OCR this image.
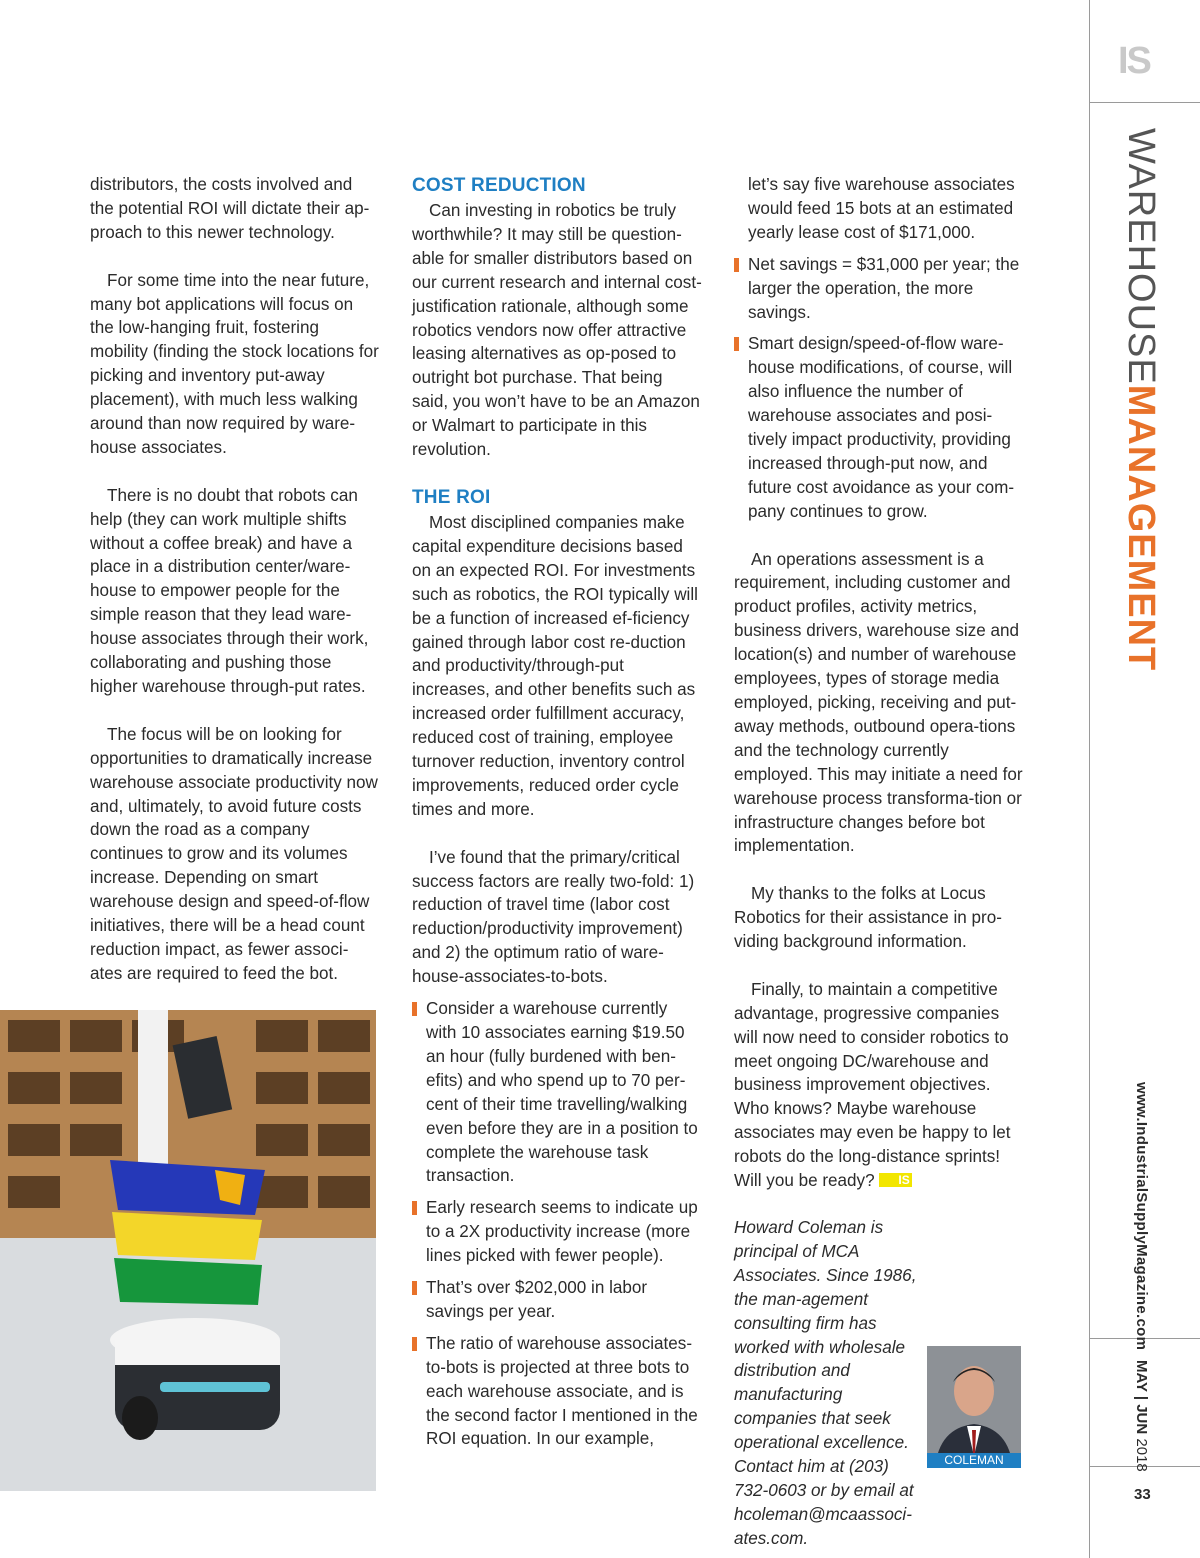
distributors, the costs involved and the potential ROI will dictate their ap-proach to this newer technology.

For some time into the near future, many bot applications will focus on the low-hanging fruit, fostering mobility (finding the stock locations for picking and inventory put-away placement), with much less walking around than now required by ware-house associates.

There is no doubt that robots can help (they can work multiple shifts without a coffee break) and have a place in a distribution center/ware-house to empower people for the simple reason that they lead ware-house associates through their work, collaborating and pushing those higher warehouse through-put rates.

The focus will be on looking for opportunities to dramatically increase warehouse associate productivity now and, ultimately, to avoid future costs down the road as a company continues to grow and its volumes increase. Depending on smart warehouse design and speed-of-flow initiatives, there will be a head count reduction impact, as fewer associ-ates are required to feed the bot.

COST REDUCTION

Can investing in robotics be truly worthwhile? It may still be question-able for smaller distributors based on our current research and internal cost-justification rationale, although some robotics vendors now offer attractive leasing alternatives as op-posed to outright bot purchase. That being said, you won’t have to be an Amazon or Walmart to participate in this revolution.

THE ROI

Most disciplined companies make capital expenditure decisions based on an expected ROI. For investments such as robotics, the ROI typically will be a function of increased ef-ficiency gained through labor cost re-duction and productivity/through-put increases, and other benefits such as increased order fulfillment accuracy, reduced cost of training, employee turnover reduction, inventory control improvements, reduced order cycle times and more.

I’ve found that the primary/critical success factors are really two-fold: 1) reduction of travel time (labor cost reduction/productivity improvement) and 2) the optimum ratio of ware-house-associates-to-bots.

Consider a warehouse currently with 10 associates earning $19.50 an hour (fully burdened with ben-efits) and who spend up to 70 per-cent of their time travelling/walking even before they are in a position to complete the warehouse task transaction.
Early research seems to indicate up to a 2X productivity increase (more lines picked with fewer people).
That’s over $202,000 in labor savings per year.
The ratio of warehouse associates-to-bots is projected at three bots to each warehouse associate, and is the second factor I mentioned in the ROI equation. In our example,

let’s say five warehouse associates would feed 15 bots at an estimated yearly lease cost of $171,000.

Net savings = $31,000 per year; the larger the operation, the more savings.
Smart design/speed-of-flow ware-house modifications, of course, will also influence the number of warehouse associates and posi-tively impact productivity, providing increased through-put now, and future cost avoidance as your com-pany continues to grow.

An operations assessment is a requirement, including customer and product profiles, activity metrics, business drivers, warehouse size and location(s) and number of warehouse employees, types of storage media employed, picking, receiving and put-away methods, outbound opera-tions and the technology currently employed. This may initiate a need for warehouse process transforma-tion or infrastructure changes before bot implementation.

My thanks to the folks at Locus Robotics for their assistance in pro-viding background information.

Finally, to maintain a competitive advantage, progressive companies will now need to consider robotics to meet ongoing DC/warehouse and business improvement objectives. Who knows? Maybe warehouse associates may even be happy to let robots do the long-distance sprints! Will you be ready? IS

Howard Coleman is principal of MCA Associates. Since 1986, the man-agement consulting firm has worked with wholesale distribution and manufacturing companies that seek operational excellence. Contact him at (203) 732-0603 or by email at hcoleman@mcaassoci-ates.com.

COLEMAN
IS
WAREHOUSEMANAGEMENT
www.IndustrialSupplyMagazine.com
MAY | JUN 2018
33
